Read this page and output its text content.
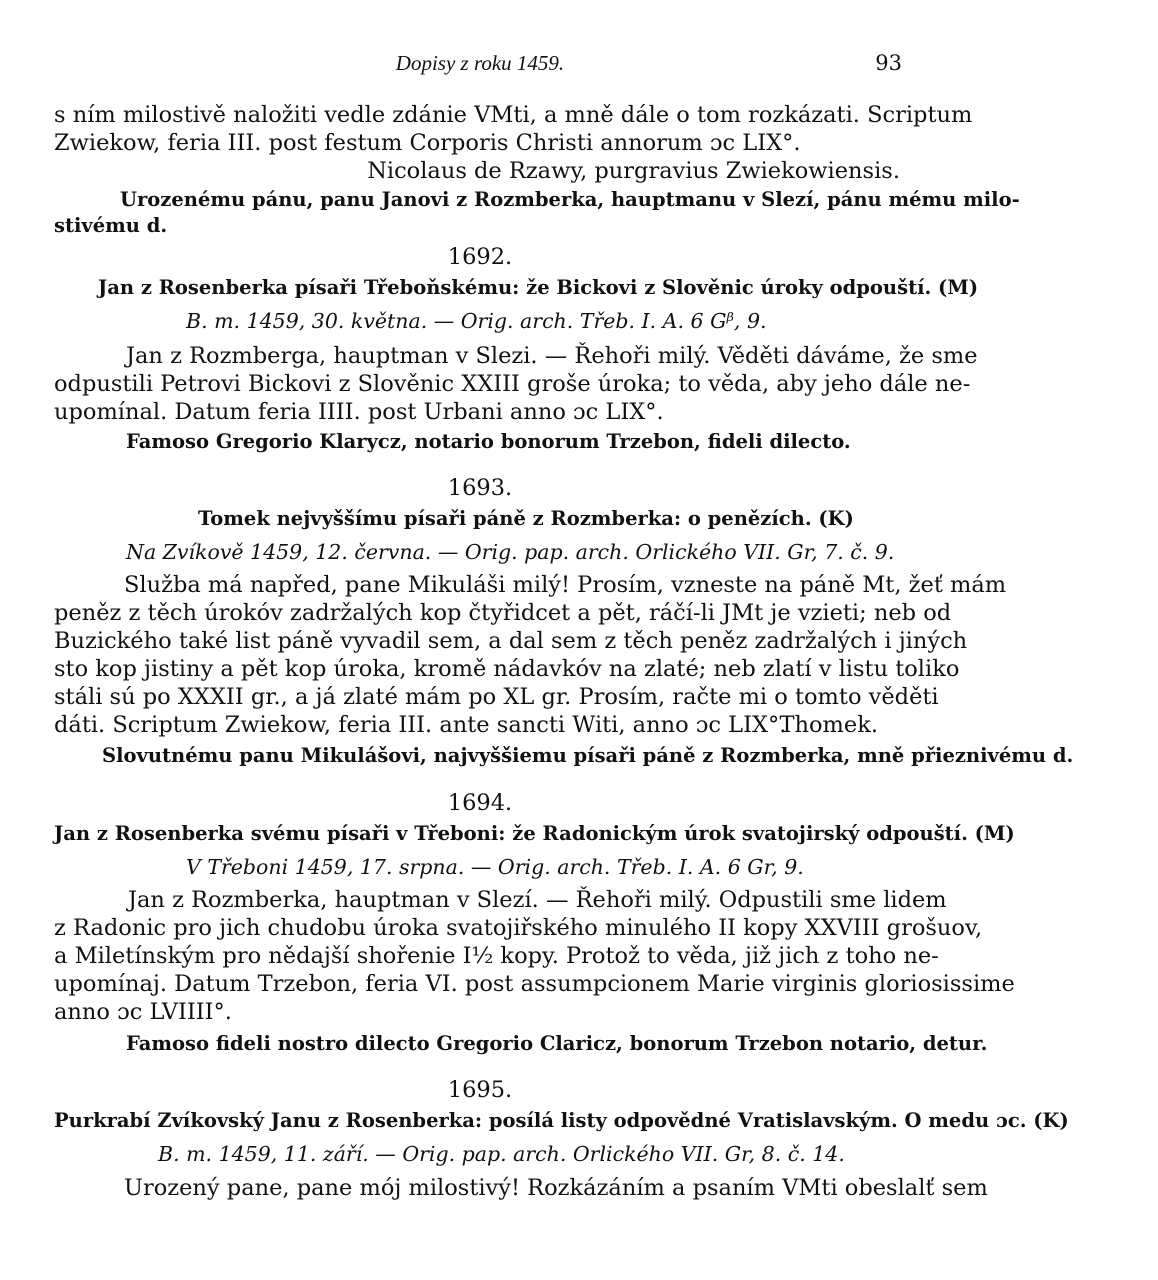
Dopisy z roku 1459.	93
s ním milostivě naložiti vedle zdánie VMti, a mně dále o tom rozkázati. Scriptum
Zwiekow, feria III. post festum Corporis Christi annorum ɔc LIX°.
Nicolaus de Rzawy, purgravius Zwiekowiensis.
Urozenému pánu, panu Janovi z Rozmberka, hauptmanu v Slezí, pánu mému milo-
stivému d.
1692.
Jan z Rosenberka písaři Třeboňskému: že Bickovi z Slověnic úroky odpouští. (M)
B. m. 1459, 30. května. — Orig. arch. Třeb. I. A. 6 Gᵝ, 9.
Jan z Rozmberga, hauptman v Slezi. — Řehoři milý. Věděti dáváme, že sme
odpustili Petrovi Bickovi z Slověnic XXIII groše úroka; to věda, aby jeho dále ne-
upomínal. Datum feria IIII. post Urbani anno ɔc LIX°.
Famoso Gregorio Klarycz, notario bonorum Trzebon, fideli dilecto.
1693.
Tomek nejvyššímu písaři páně z Rozmberka: o penězích. (K)
Na Zvíkově 1459, 12. června. — Orig. pap. arch. Orlického VII. Gr, 7. č. 9.
Služba má napřed, pane Mikuláši milý! Prosím, vzneste na páně Mt, žeť mám
peněz z těch úrokóv zadržalých kop čtyřidcet a pět, ráčí-li JMt je vzieti; neb od
Buzického také list páně vyvadil sem, a dal sem z těch peněz zadržalých i jiných
sto kop jistiny a pět kop úroka, kromě nádavkóv na zlaté; neb zlatí v listu toliko
stáli sú po XXXII gr., a já zlaté mám po XL gr. Prosím, račte mi o tomto věděti
dáti. Scriptum Zwiekow, feria III. ante sancti Witi, anno ɔc LIX°.
Thomek.
Slovutnému panu Mikulášovi, najvyššiemu písaři páně z Rozmberka, mně přieznivému d.
1694.
Jan z Rosenberka svému písaři v Třeboni: že Radonickým úrok svatojirský odpouští. (M)
V Třeboni 1459, 17. srpna. — Orig. arch. Třeb. I. A. 6 Gr, 9.
Jan z Rozmberka, hauptman v Slezí. — Řehoři milý. Odpustili sme lidem
z Radonic pro jich chudobu úroka svatojiřského minulého II kopy XXVIII grošuov,
a Miletínským pro nědajší shořenie I½ kopy. Protož to věda, již jich z toho ne-
upomínaj. Datum Trzebon, feria VI. post assumpcionem Marie virginis gloriosissime
anno ɔc LVIIII°.
Famoso fideli nostro dilecto Gregorio Claricz, bonorum Trzebon notario, detur.
1695.
Purkrabí Zvíkovský Janu z Rosenberka: posílá listy odpovědné Vratislavským. O medu ɔc. (K)
B. m. 1459, 11. září. — Orig. pap. arch. Orlického VII. Gr, 8. č. 14.
Urozený pane, pane mój milostivý! Rozkázáním a psaním VMti obeslalť sem
